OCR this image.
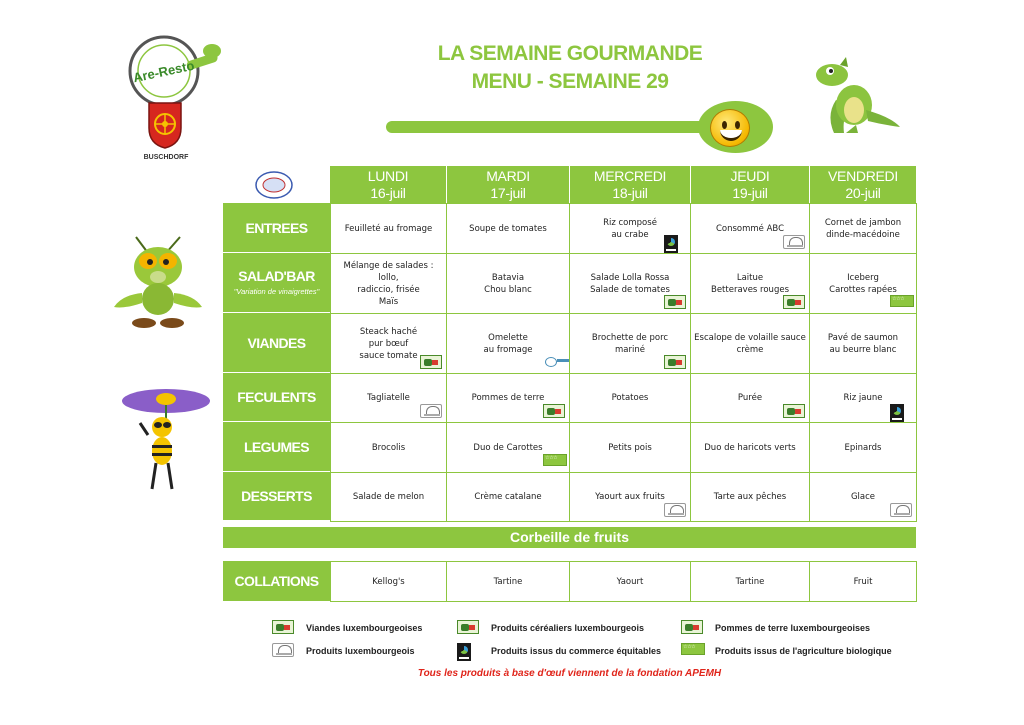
LA SEMAINE GOURMANDE
MENU - SEMAINE 29
Are-Resto
BUSCHDORF
LUNDI
16-juil
MARDI
17-juil
MERCREDI
18-juil
JEUDI
19-juil
VENDREDI
20-juil
ENTREES	Feuilleté au fromage	Soupe de tomates
Riz composé
au crabe
Consommé ABC
Cornet de jambon
dinde-macédoine
SALAD'BAR
"Variation de vinaigrettes"
Mélange de salades : lollo,
radiccio, frisée
Maïs
Batavia
Chou blanc
Salade Lolla Rossa
Salade de tomates
Laitue
Betteraves rouges
Iceberg
Carottes rapées
☆ ☆ ☆
VIANDES
Steack haché
pur bœuf
sauce tomate
Omelette
au fromage
Brochette de porc
mariné
Escalope de volaille sauce
crème
Pavé de saumon
au beurre blanc
FECULENTS	Tagliatelle	Pommes de terre	Potatoes	Purée	Riz jaune
LEGUMES	Brocolis	Duo de Carottes
☆ ☆ ☆	Petits pois	Duo de haricots verts	Epinards
DESSERTS	Salade de melon	Crème catalane	Yaourt aux fruits	Tarte aux pêches	Glace
Corbeille de fruits
COLLATIONS	Kellog's	Tartine	Yaourt	Tartine	Fruit
Viandes luxembourgeoises	Produits céréaliers luxembourgeois	Pommes de terre luxembourgeoises
Produits luxembourgeois	Produits issus du commerce équitables
☆ ☆ ☆	Produits issus de l'agriculture biologique
Tous les produits à base d'œuf viennent de la fondation APEMH
